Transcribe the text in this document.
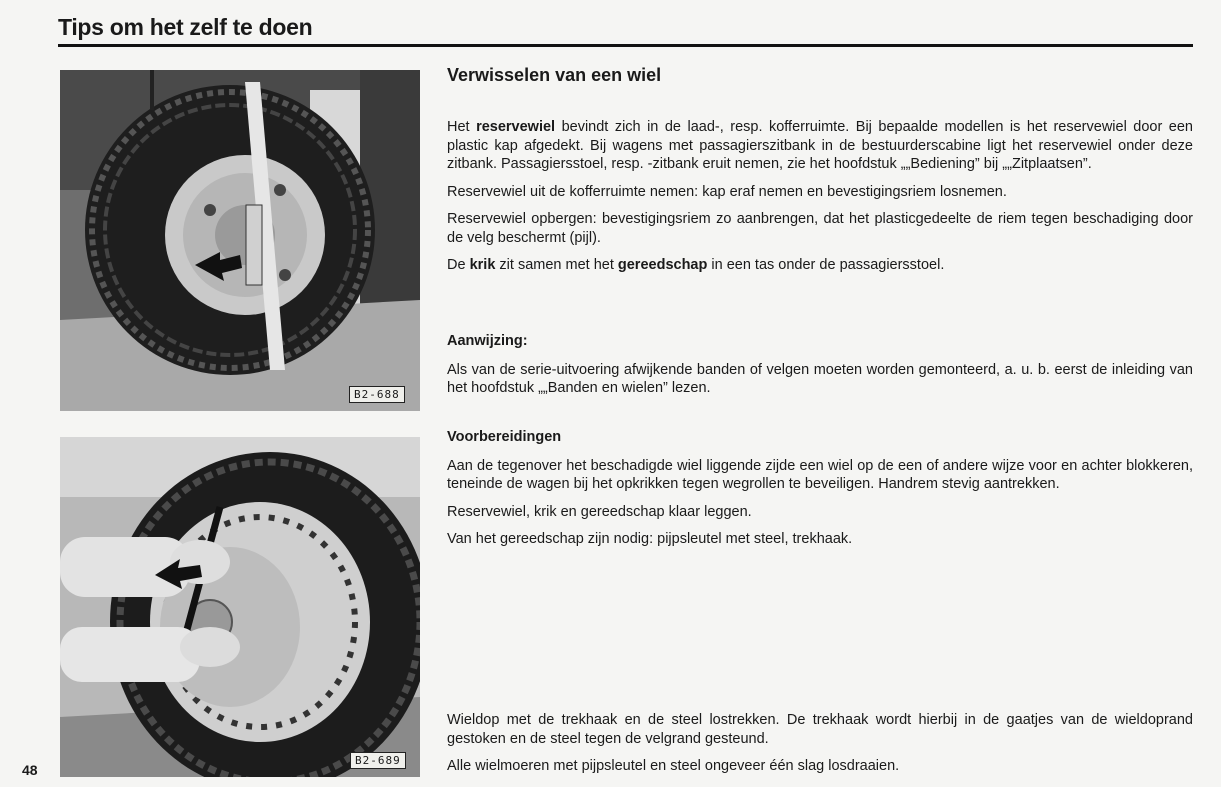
Tips om het zelf te doen
B2-688
B2-689
48
Verwisselen van een wiel

Het reservewiel bevindt zich in de laad-, resp. kofferruimte. Bij bepaalde modellen is het reservewiel door een plastic kap afgedekt. Bij wagens met passagierszitbank in de bestuurderscabine ligt het reservewiel onder deze zitbank. Passagiersstoel, resp. -zitbank eruit nemen, zie het hoofdstuk „„Bediening” bij „„Zitplaatsen”.

Reservewiel uit de kofferruimte nemen: kap eraf nemen en bevestigingsriem losnemen.

Reservewiel opbergen: bevestigingsriem zo aanbrengen, dat het plasticgedeelte de riem tegen beschadiging door de velg beschermt (pijl).

De krik zit samen met het gereedschap in een tas onder de passagiersstoel.

Aanwijzing:

Als van de serie-uitvoering afwijkende banden of velgen moeten worden gemonteerd, a. u. b. eerst de inleiding van het hoofdstuk „„Banden en wielen” lezen.

Voorbereidingen

Aan de tegenover het beschadigde wiel liggende zijde een wiel op de een of andere wijze voor en achter blokkeren, teneinde de wagen bij het opkrikken tegen wegrollen te beveiligen. Handrem stevig aantrekken.

Reservewiel, krik en gereedschap klaar leggen.

Van het gereedschap zijn nodig: pijpsleutel met steel, trekhaak.

Wieldop met de trekhaak en de steel lostrekken. De trekhaak wordt hierbij in de gaatjes van de wieldoprand gestoken en de steel tegen de velgrand gesteund.

Alle wielmoeren met pijpsleutel en steel ongeveer één slag losdraaien.
